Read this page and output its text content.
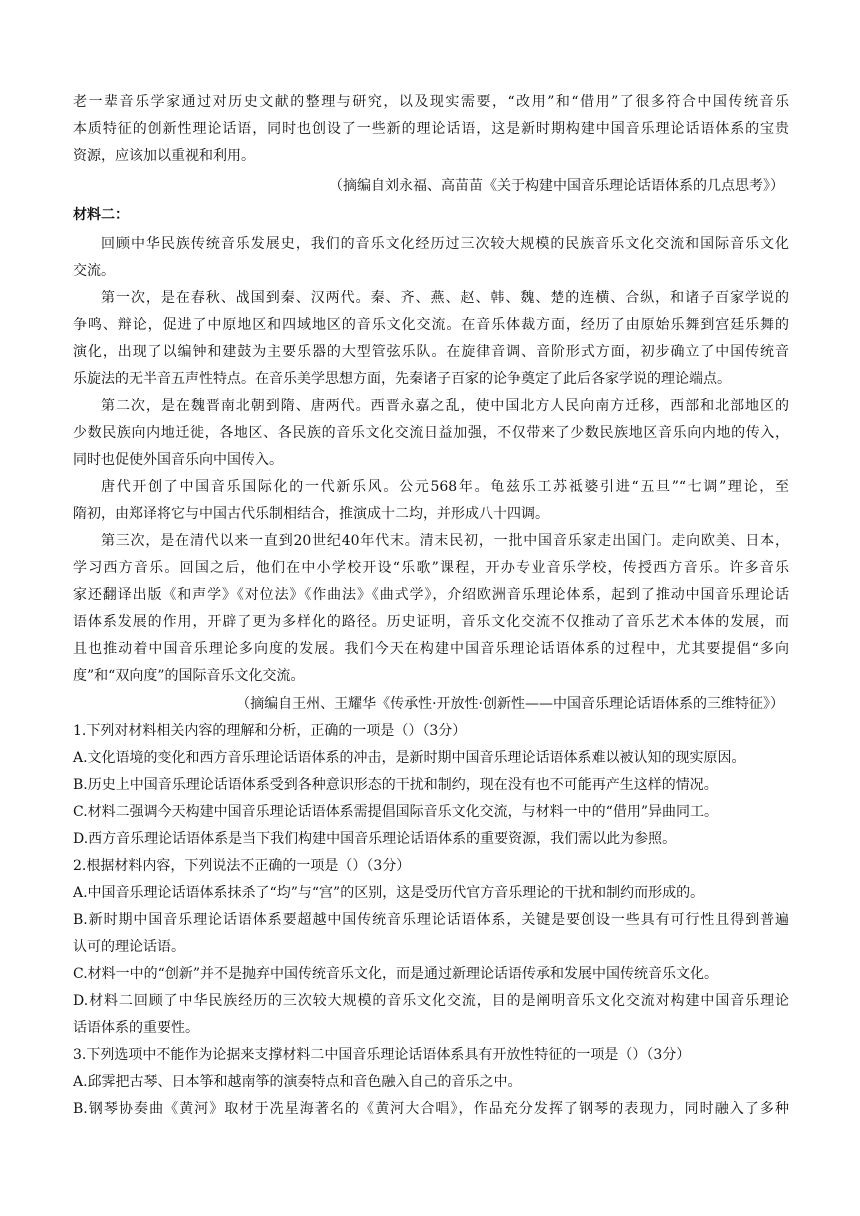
老一辈音乐学家通过对历史文献的整理与研究，以及现实需要，“改用”和“借用”了很多符合中国传统音乐
本质特征的创新性理论话语，同时也创设了一些新的理论话语，这是新时期构建中国音乐理论话语体系的宝贵
资源，应该加以重视和利用。
（摘编自刘永福、高苗苗《关于构建中国音乐理论话语体系的几点思考》）
材料二：
回顾中华民族传统音乐发展史，我们的音乐文化经历过三次较大规模的民族音乐文化交流和国际音乐文化
交流。
第一次，是在春秋、战国到秦、汉两代。秦、齐、燕、赵、韩、魏、楚的连横、合纵，和诸子百家学说的
争鸣、辩论，促进了中原地区和四域地区的音乐文化交流。在音乐体裁方面，经历了由原始乐舞到宫廷乐舞的
演化，出现了以编钟和建鼓为主要乐器的大型管弦乐队。在旋律音调、音阶形式方面，初步确立了中国传统音
乐旋法的无半音五声性特点。在音乐美学思想方面，先秦诸子百家的论争奠定了此后各家学说的理论端点。
第二次，是在魏晋南北朝到隋、唐两代。西晋永嘉之乱，使中国北方人民向南方迁移，西部和北部地区的
少数民族向内地迁徙，各地区、各民族的音乐文化交流日益加强，不仅带来了少数民族地区音乐向内地的传入，
同时也促使外国音乐向中国传入。
唐代开创了中国音乐国际化的一代新乐风。公元568年。龟兹乐工苏祗婆引进“五旦”“七调”理论，至
隋初，由郑译将它与中国古代乐制相结合，推演成十二均，并形成八十四调。
第三次，是在清代以来一直到20世纪40年代末。清末民初，一批中国音乐家走出国门。走向欧美、日本，
学习西方音乐。回国之后，他们在中小学校开设“乐歌”课程，开办专业音乐学校，传授西方音乐。许多音乐
家还翻译出版《和声学》《对位法》《作曲法》《曲式学》，介绍欧洲音乐理论体系，起到了推动中国音乐理论话
语体系发展的作用，开辟了更为多样化的路径。历史证明，音乐文化交流不仅推动了音乐艺术本体的发展，而
且也推动着中国音乐理论多向度的发展。我们今天在构建中国音乐理论话语体系的过程中，尤其要提倡“多向
度”和“双向度”的国际音乐文化交流。
（摘编自王州、王耀华《传承性·开放性·创新性——中国音乐理论话语体系的三维特征》）
1.下列对材料相关内容的理解和分析，正确的一项是（）（3分）
A.文化语境的变化和西方音乐理论话语体系的冲击，是新时期中国音乐理论话语体系难以被认知的现实原因。
B.历史上中国音乐理论话语体系受到各种意识形态的干扰和制约，现在没有也不可能再产生这样的情况。
C.材料二强调今天构建中国音乐理论话语体系需提倡国际音乐文化交流，与材料一中的“借用”异曲同工。
D.西方音乐理论话语体系是当下我们构建中国音乐理论话语体系的重要资源，我们需以此为参照。
2.根据材料内容，下列说法不正确的一项是（）（3分）
A.中国音乐理论话语体系抹杀了“均”与“宫”的区别，这是受历代官方音乐理论的干扰和制约而形成的。
B.新时期中国音乐理论话语体系要超越中国传统音乐理论话语体系，关键是要创设一些具有可行性且得到普遍
认可的理论话语。
C.材料一中的“创新”并不是抛弃中国传统音乐文化，而是通过新理论话语传承和发展中国传统音乐文化。
D.材料二回顾了中华民族经历的三次较大规模的音乐文化交流，目的是阐明音乐文化交流对构建中国音乐理论
话语体系的重要性。
3.下列选项中不能作为论据来支撑材料二中国音乐理论话语体系具有开放性特征的一项是（）（3分）
A.邱霁把古琴、日本筝和越南筝的演奏特点和音色融入自己的音乐之中。
B.钢琴协奏曲《黄河》取材于冼星海著名的《黄河大合唱》，作品充分发挥了钢琴的表现力，同时融入了多种
